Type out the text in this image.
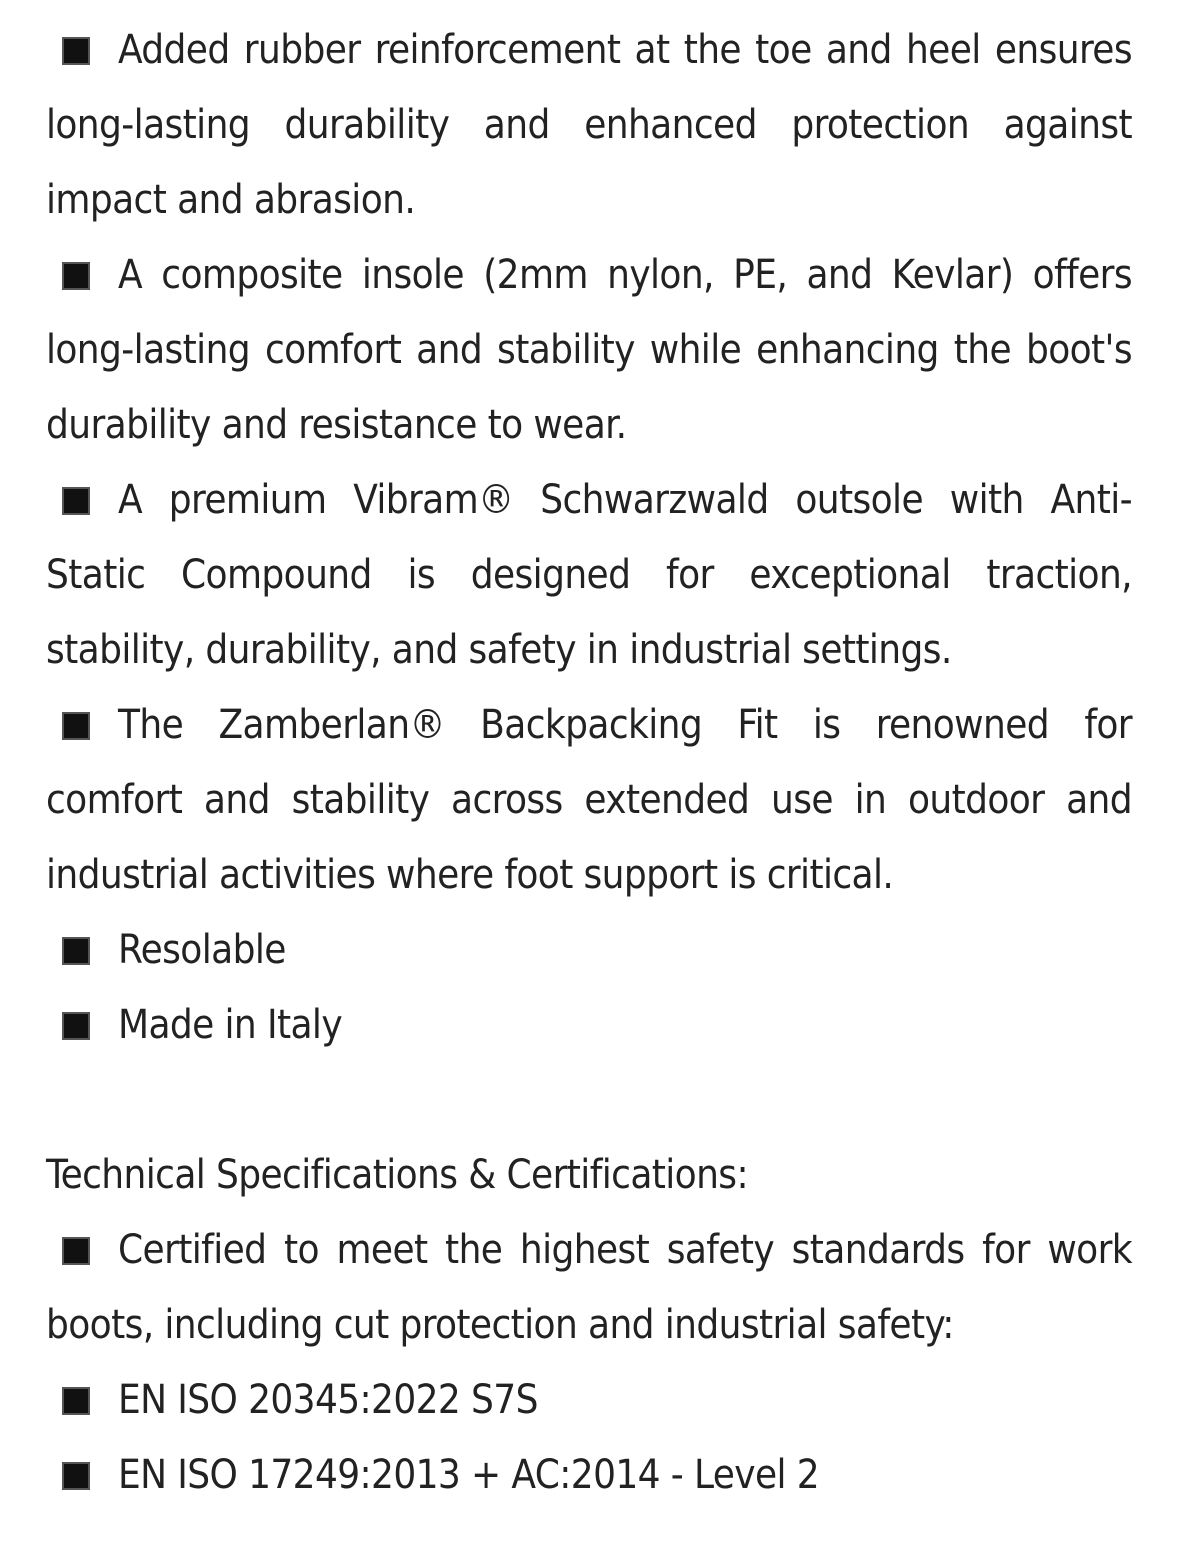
Added rubber reinforcement at the toe and heel ensures long-lasting durability and enhanced protection against impact and abrasion.

A composite insole (2mm nylon, PE, and Kevlar) offers long-lasting comfort and stability while enhancing the boot's durability and resistance to wear.

A premium Vibram® Schwarzwald outsole with Anti-Static Compound is designed for exceptional traction, stability, durability, and safety in industrial settings.

The Zamberlan® Backpacking Fit is renowned for comfort and stability across extended use in outdoor and industrial activities where foot support is critical.

Resolable

Made in Italy

Technical Specifications & Certifications:

Certified to meet the highest safety standards for work boots, including cut protection and industrial safety:

EN ISO 20345:2022 S7S

EN ISO 17249:2013 + AC:2014 - Level 2
